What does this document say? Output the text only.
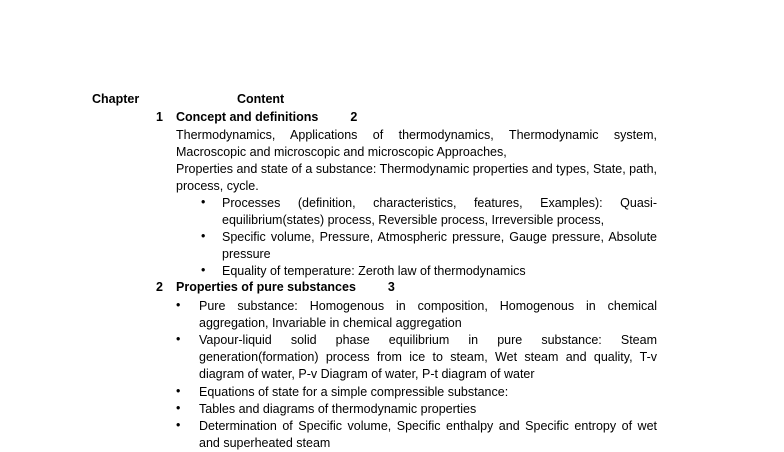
Chapter	Content
1 Concept and definitions	2
Thermodynamics, Applications of thermodynamics, Thermodynamic system, Macroscopic and microscopic and microscopic Approaches,
Properties and state of a substance: Thermodynamic properties and types, State, path, process, cycle.
• Processes (definition, characteristics, features, Examples): Quasi-equilibrium(states) process, Reversible process, Irreversible process,
• Specific volume, Pressure, Atmospheric pressure, Gauge pressure, Absolute pressure
• Equality of temperature: Zeroth law of thermodynamics
2 Properties of pure substances	3
• Pure substance: Homogenous in composition, Homogenous in chemical aggregation, Invariable in chemical aggregation
• Vapour-liquid solid phase equilibrium in pure substance: Steam generation(formation) process from ice to steam, Wet steam and quality, T-v diagram of water, P-v Diagram of water, P-t diagram of water
• Equations of state for a simple compressible substance:
• Tables and diagrams of thermodynamic properties
• Determination of Specific volume, Specific enthalpy and Specific entropy of wet and superheated steam
